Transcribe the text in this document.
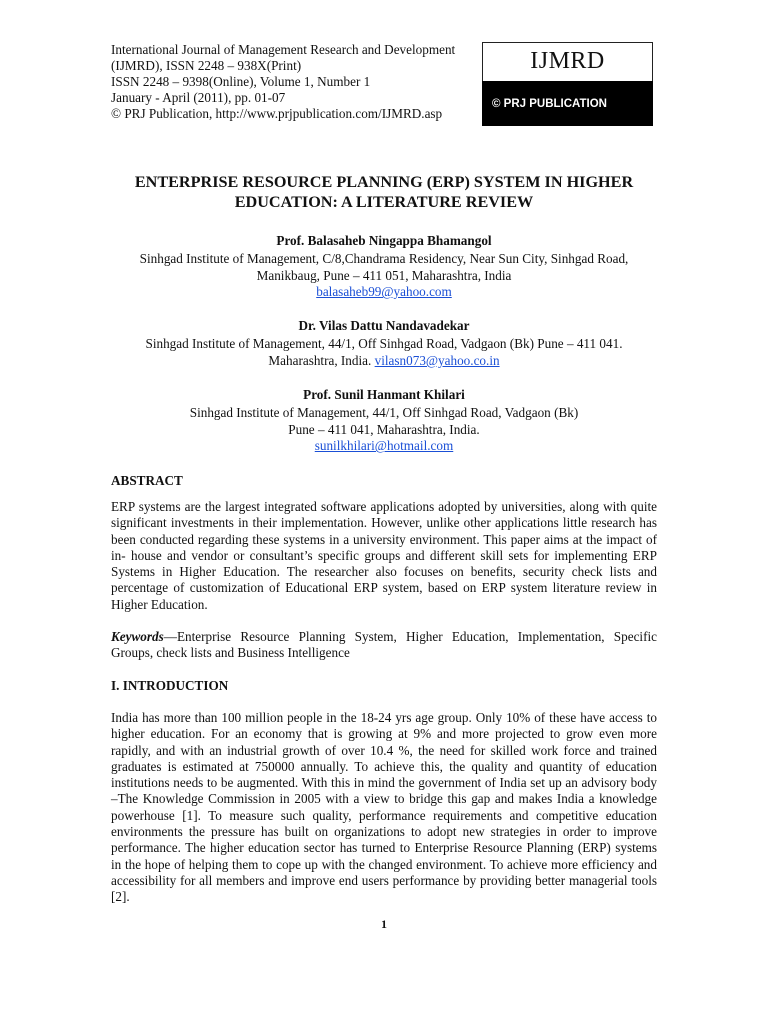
International Journal of Management Research and Development
(IJMRD), ISSN 2248 – 938X(Print)
ISSN 2248 – 9398(Online), Volume 1, Number 1
January - April (2011), pp. 01-07
© PRJ Publication, http://www.prjpublication.com/IJMRD.asp
IJMRD
© PRJ PUBLICATION
ENTERPRISE RESOURCE PLANNING (ERP) SYSTEM IN HIGHER
EDUCATION: A LITERATURE REVIEW
Prof. Balasaheb Ningappa Bhamangol
Sinhgad Institute of Management, C/8,Chandrama Residency, Near Sun City, Sinhgad Road,
Manikbaug, Pune – 411 051, Maharashtra, India
balasaheb99@yahoo.com
Dr. Vilas Dattu Nandavadekar
Sinhgad Institute of Management, 44/1, Off Sinhgad Road, Vadgaon (Bk) Pune – 411 041.
Maharashtra, India. vilasn073@yahoo.co.in
Prof. Sunil Hanmant Khilari
Sinhgad Institute of Management, 44/1, Off Sinhgad Road, Vadgaon (Bk)
Pune – 411 041, Maharashtra, India.
sunilkhilari@hotmail.com
ABSTRACT
ERP systems are the largest integrated software applications adopted by universities, along with quite significant investments in their implementation. However, unlike other applications little research has been conducted regarding these systems in a university environment. This paper aims at the impact of in- house and vendor or consultant’s specific groups and different skill sets for implementing ERP Systems in Higher Education. The researcher also focuses on benefits, security check lists and percentage of customization of Educational ERP system, based on ERP system literature review in Higher Education.
Keywords—Enterprise Resource Planning System, Higher Education, Implementation, Specific Groups, check lists and Business Intelligence
I. INTRODUCTION
India has more than 100 million people in the 18-24 yrs age group. Only 10% of these have access to higher education. For an economy that is growing at 9% and more projected to grow even more rapidly, and with an industrial growth of over 10.4 %, the need for skilled work force and trained graduates is estimated at 750000 annually. To achieve this, the quality and quantity of education institutions needs to be augmented. With this in mind the government of India set up an advisory body –The Knowledge Commission in 2005 with a view to bridge this gap and makes India a knowledge powerhouse [1]. To measure such quality, performance requirements and competitive education environments the pressure has built on organizations to adopt new strategies in order to improve performance. The higher education sector has turned to Enterprise Resource Planning (ERP) systems in the hope of helping them to cope up with the changed environment. To achieve more efficiency and accessibility for all members and improve end users performance by providing better managerial tools [2].
1
